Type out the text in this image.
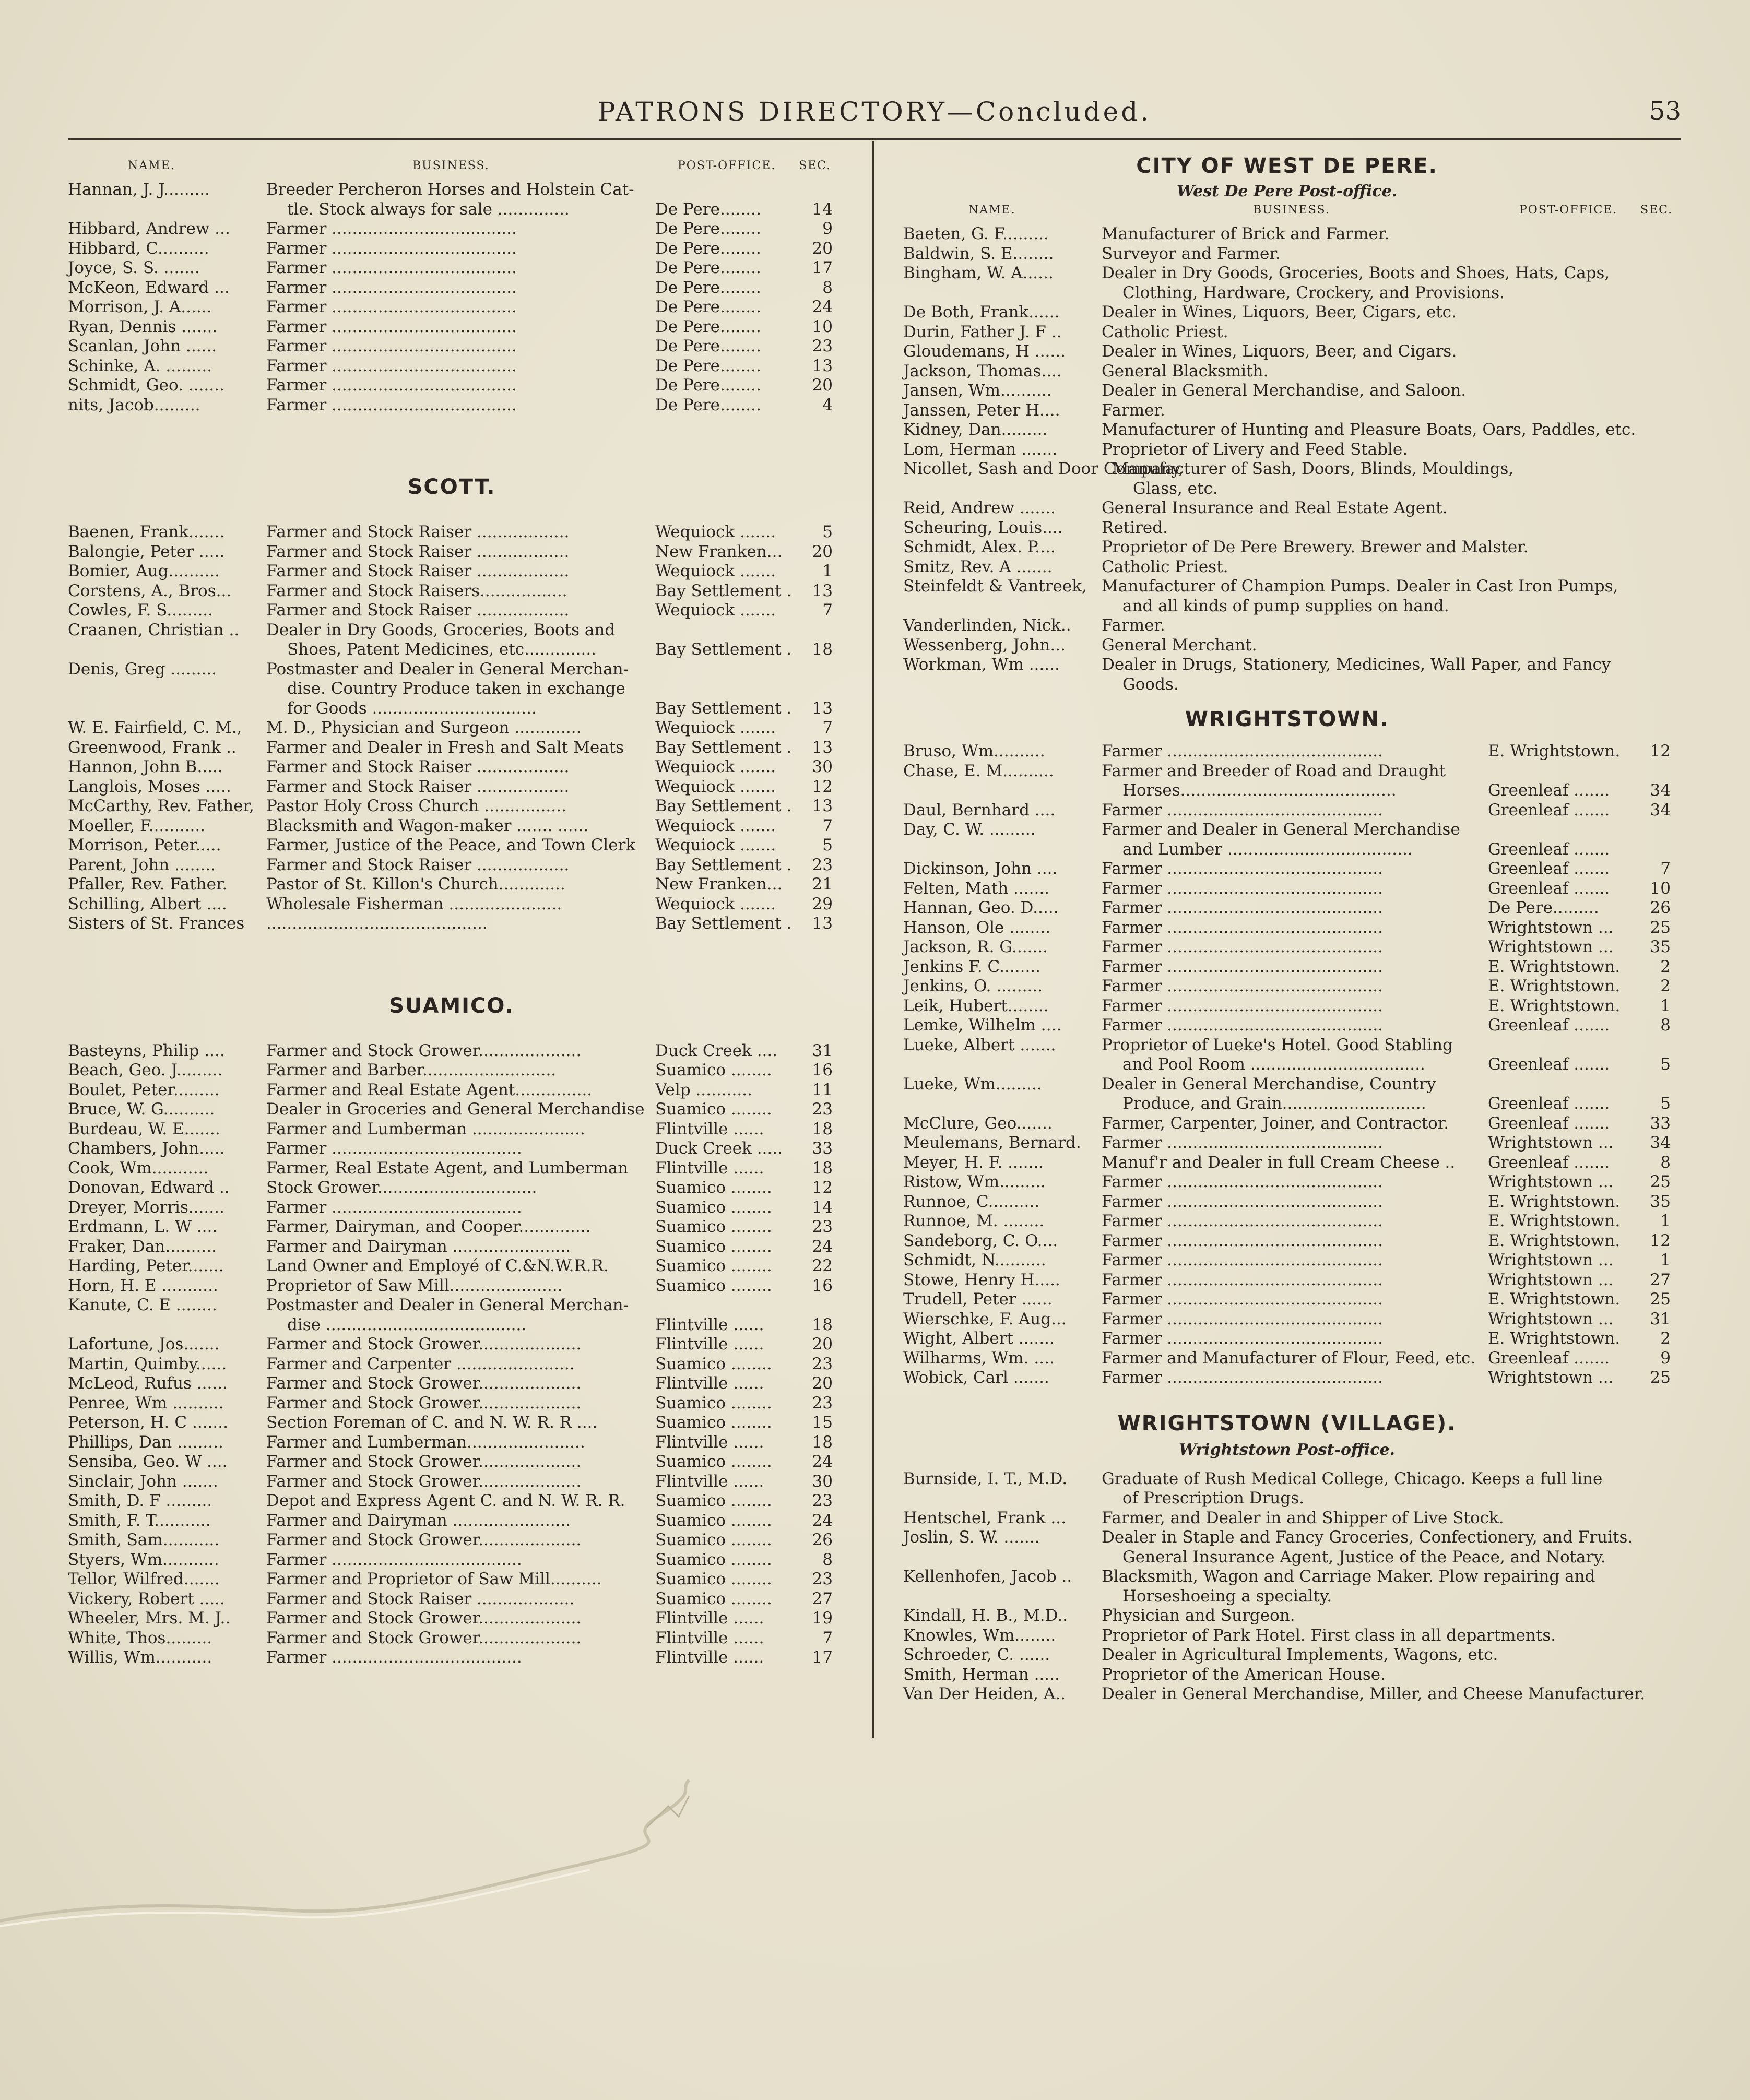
PATRONS DIRECTORY—Concluded.	53
NAME.	BUSINESS.	POST-OFFICE. SEC.
Hannan, J. J.........	Breeder Percheron Horses and Holstein Cat-
tle. Stock always for sale ..............	De Pere........	14
Hibbard, Andrew ...	Farmer ....................................	De Pere........	9
Hibbard, C..........	Farmer ....................................	De Pere........	20
Joyce, S. S. .......	Farmer ....................................	De Pere........	17
McKeon, Edward ...	Farmer ....................................	De Pere........	8
Morrison, J. A......	Farmer ....................................	De Pere........	24
Ryan, Dennis .......	Farmer ....................................	De Pere........	10
Scanlan, John ......	Farmer ....................................	De Pere........	23
Schinke, A. .........	Farmer ....................................	De Pere........	13
Schmidt, Geo. .......	Farmer ....................................	De Pere........	20
nits, Jacob.........	Farmer ....................................	De Pere........	4
SCOTT.
Baenen, Frank.......	Farmer and Stock Raiser ..................	Wequiock .......	5
Balongie, Peter .....	Farmer and Stock Raiser ..................	New Franken...	20
Bomier, Aug..........	Farmer and Stock Raiser ..................	Wequiock .......	1
Corstens, A., Bros...	Farmer and Stock Raisers.................	Bay Settlement .	13
Cowles, F. S.........	Farmer and Stock Raiser ..................	Wequiock .......	7
Craanen, Christian ..	Dealer in Dry Goods, Groceries, Boots and
Shoes, Patent Medicines, etc..............	Bay Settlement .	18
Denis, Greg .........	Postmaster and Dealer in General Merchan-
dise. Country Produce taken in exchange
for Goods ................................	Bay Settlement .	13
W. E. Fairfield, C. M.,	M. D., Physician and Surgeon .............	Wequiock .......	7
Greenwood, Frank ..	Farmer and Dealer in Fresh and Salt Meats	Bay Settlement .	13
Hannon, John B.....	Farmer and Stock Raiser ..................	Wequiock .......	30
Langlois, Moses .....	Farmer and Stock Raiser ..................	Wequiock .......	12
McCarthy, Rev. Father, Pastor Holy Cross Church ................	Bay Settlement .	13
Moeller, F...........	Blacksmith and Wagon-maker ....... ......	Wequiock .......	7
Morrison, Peter.....	Farmer, Justice of the Peace, and Town Clerk	Wequiock .......	5
Parent, John ........	Farmer and Stock Raiser ..................	Bay Settlement .	23
Pfaller, Rev. Father.	Pastor of St. Killon's Church.............	New Franken...	21
Schilling, Albert ....	Wholesale Fisherman ......................	Wequiock .......	29
Sisters of St. Frances	...........................................	Bay Settlement .	13
SUAMICO.
Basteyns, Philip ....	Farmer and Stock Grower....................	Duck Creek ....	31
Beach, Geo. J.........	Farmer and Barber..........................	Suamico ........	16
Boulet, Peter.........	Farmer and Real Estate Agent...............	Velp ...........	11
Bruce, W. G..........	Dealer in Groceries and General Merchandise Suamico ........	23
Burdeau, W. E.......	Farmer and Lumberman ......................	Flintville ......	18
Chambers, John.....	Farmer .....................................	Duck Creek .....	33
Cook, Wm...........	Farmer, Real Estate Agent, and Lumberman	Flintville ......	18
Donovan, Edward ..	Stock Grower...............................	Suamico ........	12
Dreyer, Morris.......	Farmer .....................................	Suamico ........	14
Erdmann, L. W ....	Farmer, Dairyman, and Cooper..............	Suamico ........	23
Fraker, Dan..........	Farmer and Dairyman .......................	Suamico ........	24
Harding, Peter.......	Land Owner and Employé of C.&N.W.R.R.	Suamico ........	22
Horn, H. E ...........	Proprietor of Saw Mill......................	Suamico ........	16
Kanute, C. E ........	Postmaster and Dealer in General Merchan-
dise .......................................	Flintville ......	18
Lafortune, Jos.......	Farmer and Stock Grower....................	Flintville ......	20
Martin, Quimby......	Farmer and Carpenter .......................	Suamico ........	23
McLeod, Rufus ......	Farmer and Stock Grower....................	Flintville ......	20
Penree, Wm ..........	Farmer and Stock Grower....................	Suamico ........	23
Peterson, H. C .......	Section Foreman of C. and N. W. R. R ....	Suamico ........	15
Phillips, Dan .........	Farmer and Lumberman.......................	Flintville ......	18
Sensiba, Geo. W ....	Farmer and Stock Grower....................	Suamico ........	24
Sinclair, John .......	Farmer and Stock Grower....................	Flintville ......	30
Smith, D. F .........	Depot and Express Agent C. and N. W. R. R.	Suamico ........	23
Smith, F. T...........	Farmer and Dairyman .......................	Suamico ........	24
Smith, Sam...........	Farmer and Stock Grower....................	Suamico ........	26
Styers, Wm...........	Farmer .....................................	Suamico ........	8
Tellor, Wilfred.......	Farmer and Proprietor of Saw Mill..........	Suamico ........	23
Vickery, Robert .....	Farmer and Stock Raiser ...................	Suamico ........	27
Wheeler, Mrs. M. J..	Farmer and Stock Grower....................	Flintville ......	19
White, Thos.........	Farmer and Stock Grower....................	Flintville ......	7
Willis, Wm...........	Farmer .....................................	Flintville ......	17
CITY OF WEST DE PERE.
West De Pere Post-office.
NAME.	BUSINESS.	POST-OFFICE. SEC.
Baeten, G. F.........	Manufacturer of Brick and Farmer.
Baldwin, S. E........	Surveyor and Farmer.
Bingham, W. A......	Dealer in Dry Goods, Groceries, Boots and Shoes, Hats, Caps,
Clothing, Hardware, Crockery, and Provisions.
De Both, Frank......	Dealer in Wines, Liquors, Beer, Cigars, etc.
Durin, Father J. F ..	Catholic Priest.
Gloudemans, H ......	Dealer in Wines, Liquors, Beer, and Cigars.
Jackson, Thomas....	General Blacksmith.
Jansen, Wm..........	Dealer in General Merchandise, and Saloon.
Janssen, Peter H....	Farmer.
Kidney, Dan.........	Manufacturer of Hunting and Pleasure Boats, Oars, Paddles, etc.
Lom, Herman .......	Proprietor of Livery and Feed Stable.
Nicollet, Sash and Door Company,
Manufacturer of Sash, Doors, Blinds, Mouldings,
Glass, etc.
Reid, Andrew .......	General Insurance and Real Estate Agent.
Scheuring, Louis....	Retired.
Schmidt, Alex. P....	Proprietor of De Pere Brewery. Brewer and Malster.
Smitz, Rev. A .......	Catholic Priest.
Steinfeldt & Vantreek, Manufacturer of Champion Pumps. Dealer in Cast Iron Pumps,
and all kinds of pump supplies on hand.
Vanderlinden, Nick..	Farmer.
Wessenberg, John...	General Merchant.
Workman, Wm ......	Dealer in Drugs, Stationery, Medicines, Wall Paper, and Fancy
Goods.
WRIGHTSTOWN.
Bruso, Wm..........	Farmer ..........................................	E. Wrightstown.	12
Chase, E. M..........	Farmer and Breeder of Road and Draught
Horses..........................................	Greenleaf .......	34
Daul, Bernhard ....	Farmer ..........................................	Greenleaf .......	34
Day, C. W. .........	Farmer and Dealer in General Merchandise
and Lumber ....................................	Greenleaf .......
Dickinson, John ....	Farmer ..........................................	Greenleaf .......	7
Felten, Math .......	Farmer ..........................................	Greenleaf .......	10
Hannan, Geo. D.....	Farmer ..........................................	De Pere.........	26
Hanson, Ole ........	Farmer ..........................................	Wrightstown ...	25
Jackson, R. G.......	Farmer ..........................................	Wrightstown ...	35
Jenkins F. C........	Farmer ..........................................	E. Wrightstown.	2
Jenkins, O. .........	Farmer ..........................................	E. Wrightstown.	2
Leik, Hubert........	Farmer ..........................................	E. Wrightstown.	1
Lemke, Wilhelm ....	Farmer ..........................................	Greenleaf .......	8
Lueke, Albert .......	Proprietor of Lueke's Hotel. Good Stabling
and Pool Room ..................................	Greenleaf .......	5
Lueke, Wm.........	Dealer in General Merchandise, Country
Produce, and Grain............................	Greenleaf .......	5
McClure, Geo.......	Farmer, Carpenter, Joiner, and Contractor.	Greenleaf .......	33
Meulemans, Bernard.	Farmer ..........................................	Wrightstown ...	34
Meyer, H. F. .......	Manuf'r and Dealer in full Cream Cheese ..	Greenleaf .......	8
Ristow, Wm.........	Farmer ..........................................	Wrightstown ...	25
Runnoe, C..........	Farmer ..........................................	E. Wrightstown.	35
Runnoe, M. ........	Farmer ..........................................	E. Wrightstown.	1
Sandeborg, C. O....	Farmer ..........................................	E. Wrightstown.	12
Schmidt, N..........	Farmer ..........................................	Wrightstown ...	1
Stowe, Henry H.....	Farmer ..........................................	Wrightstown ...	27
Trudell, Peter ......	Farmer ..........................................	E. Wrightstown.	25
Wierschke, F. Aug...	Farmer ..........................................	Wrightstown ...	31
Wight, Albert .......	Farmer ..........................................	E. Wrightstown.	2
Wilharms, Wm. ....	Farmer and Manufacturer of Flour, Feed, etc. Greenleaf .......	9
Wobick, Carl .......	Farmer ..........................................	Wrightstown ...	25
WRIGHTSTOWN (VILLAGE).
Wrightstown Post-office.
Burnside, I. T., M.D.	Graduate of Rush Medical College, Chicago. Keeps a full line
of Prescription Drugs.
Hentschel, Frank ...	Farmer, and Dealer in and Shipper of Live Stock.
Joslin, S. W. .......	Dealer in Staple and Fancy Groceries, Confectionery, and Fruits.
General Insurance Agent, Justice of the Peace, and Notary.
Kellenhofen, Jacob ..	Blacksmith, Wagon and Carriage Maker. Plow repairing and
Horseshoeing a specialty.
Kindall, H. B., M.D..	Physician and Surgeon.
Knowles, Wm........	Proprietor of Park Hotel. First class in all departments.
Schroeder, C. ......	Dealer in Agricultural Implements, Wagons, etc.
Smith, Herman .....	Proprietor of the American House.
Van Der Heiden, A..	Dealer in General Merchandise, Miller, and Cheese Manufacturer.
